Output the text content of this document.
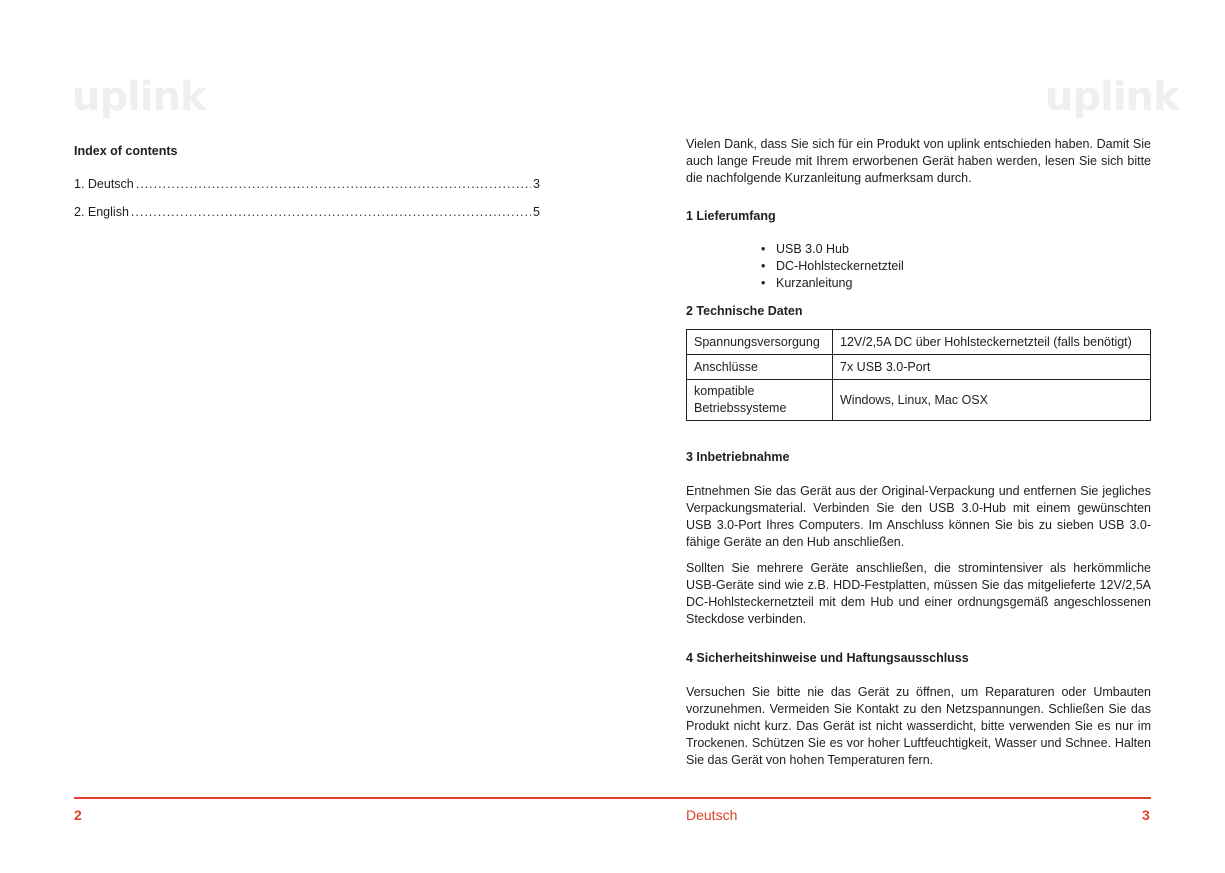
uplink	uplink
Index of contents
1. Deutsch .....	3
2. English .....	5

Vielen Dank, dass Sie sich für ein Produkt von uplink entschieden haben. Damit Sie auch lange Freude mit Ihrem erworbenen Gerät haben werden, lesen Sie sich bitte die nachfolgende Kurzanleitung aufmerksam durch.

1 Lieferumfang
• USB 3.0 Hub
• DC-Hohlsteckernetzteil
• Kurzanleitung
2 Technische Daten
Spannungsversorgung	12V/2,5A DC über Hohlsteckernetzteil (falls benötigt)
Anschlüsse	7x USB 3.0-Port
kompatible Betriebssysteme	Windows, Linux, Mac OSX
3 Inbetriebnahme

Entnehmen Sie das Gerät aus der Original-Verpackung und entfernen Sie jegliches Verpackungsmaterial. Verbinden Sie den USB 3.0-Hub mit einem gewünschten USB 3.0-Port Ihres Computers. Im Anschluss können Sie bis zu sieben USB 3.0-fähige Geräte an den Hub anschließen.

Sollten Sie mehrere Geräte anschließen, die stromintensiver als herkömmliche USB-Geräte sind wie z.B. HDD-Festplatten, müssen Sie das mitgelieferte 12V/2,5A DC-Hohlsteckernetzteil mit dem Hub und einer ordnungsgemäß angeschlossenen Steckdose verbinden.

4 Sicherheitshinweise und Haftungsausschluss

Versuchen Sie bitte nie das Gerät zu öffnen, um Reparaturen oder Umbauten vorzunehmen. Vermeiden Sie Kontakt zu den Netzspannungen. Schließen Sie das Produkt nicht kurz. Das Gerät ist nicht wasserdicht, bitte verwenden Sie es nur im Trockenen. Schützen Sie es vor hoher Luftfeuchtigkeit, Wasser und Schnee. Halten Sie das Gerät von hohen Temperaturen fern.

2	Deutsch	3
